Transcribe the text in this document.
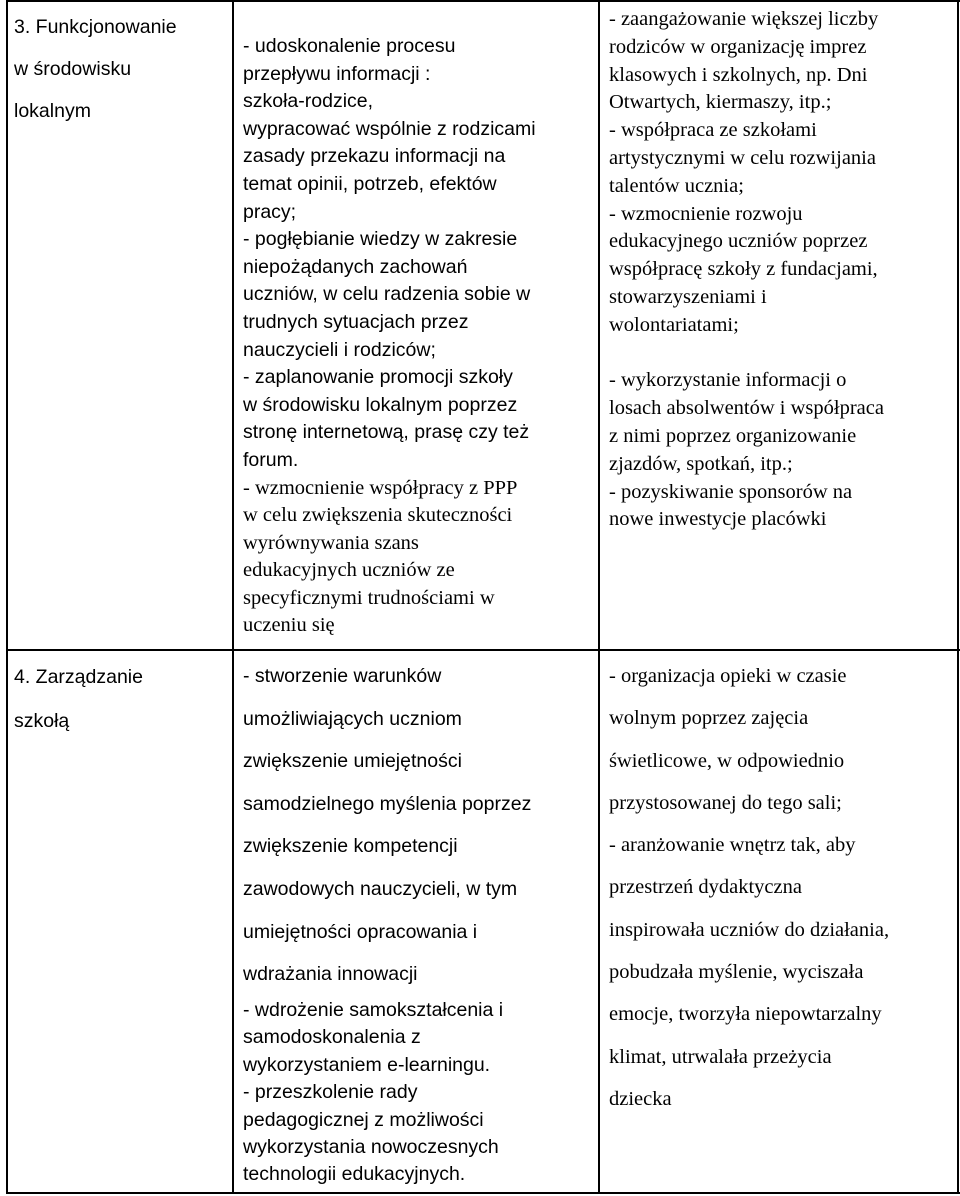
3. Funkcjonowanie
w środowisku
lokalnym
- udoskonalenie procesu
przepływu informacji :
szkoła-rodzice,
wypracować wspólnie z rodzicami
zasady przekazu informacji na
temat opinii, potrzeb, efektów
pracy;
- pogłębianie wiedzy w zakresie
niepożądanych zachowań
uczniów, w celu radzenia sobie w
trudnych sytuacjach przez
nauczycieli i rodziców;
- zaplanowanie promocji szkoły
w środowisku lokalnym poprzez
stronę internetową, prasę czy też
forum.
- wzmocnienie współpracy z PPP
w celu zwiększenia skuteczności
wyrównywania szans
edukacyjnych uczniów ze
specyficznymi trudnościami w
uczeniu się
- zaangażowanie większej liczby
rodziców w organizację imprez
klasowych i szkolnych, np. Dni
Otwartych, kiermaszy, itp.;
- współpraca ze szkołami
artystycznymi w celu rozwijania
talentów ucznia;
- wzmocnienie rozwoju
edukacyjnego uczniów poprzez
współpracę szkoły z fundacjami,
stowarzyszeniami i
wolontariatami;
- wykorzystanie informacji o
losach absolwentów i współpraca
z nimi poprzez organizowanie
zjazdów, spotkań, itp.;
- pozyskiwanie sponsorów na
nowe inwestycje placówki
4. Zarządzanie
szkołą
- stworzenie warunków
umożliwiających uczniom
zwiększenie umiejętności
samodzielnego myślenia poprzez
zwiększenie kompetencji
zawodowych nauczycieli, w tym
umiejętności opracowania i
wdrażania innowacji
- wdrożenie samokształcenia i
samodoskonalenia z
wykorzystaniem e-learningu.
- przeszkolenie rady
pedagogicznej z możliwości
wykorzystania nowoczesnych
technologii edukacyjnych.
- organizacja opieki w czasie
wolnym poprzez zajęcia
świetlicowe, w odpowiednio
przystosowanej do tego sali;
- aranżowanie wnętrz tak, aby
przestrzeń dydaktyczna
inspirowała uczniów do działania,
pobudzała myślenie, wyciszała
emocje, tworzyła niepowtarzalny
klimat, utrwalała przeżycia
dziecka
